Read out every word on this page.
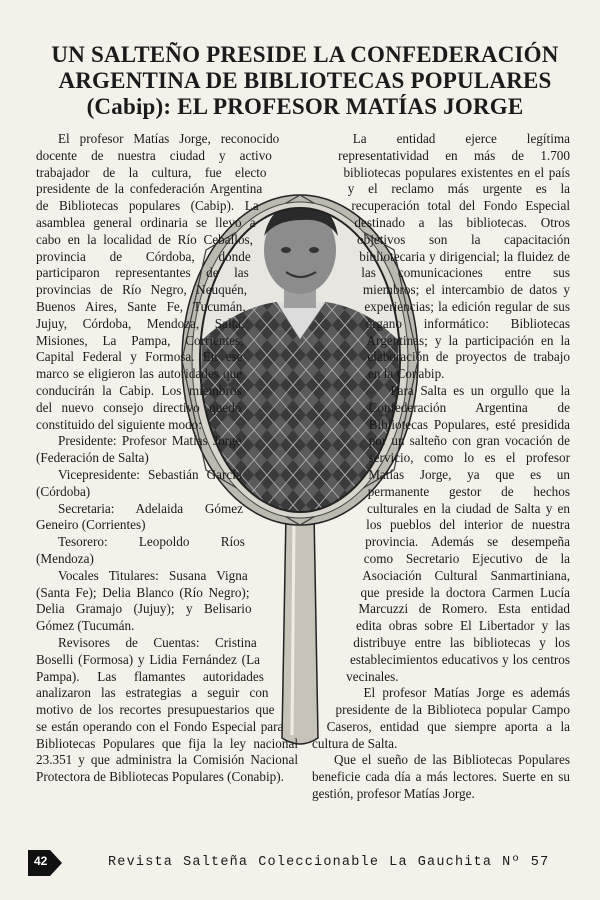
UN SALTEÑO PRESIDE LA CONFEDERACIÓN
ARGENTINA DE BIBLIOTECAS POPULARES
(Cabip): EL PROFESOR MATÍAS JORGE

El profesor Matías Jorge, reconocido docente de nuestra ciudad y activo trabajador de la cultura, fue electo presidente de la confederación Argentina de Bibliotecas populares (Cabip). La asamblea general ordinaria se llevó a cabo en la localidad de Río Ceballos, provincia de Córdoba, donde participaron representantes de las provincias de Río Negro, Neuquén, Buenos Aires, Sante Fe, Tucumán, Jujuy, Córdoba, Mendoza, Salta, Misiones, La Pampa, Corrientes, Capital Federal y Formosa. En ese marco se eligieron las autoridades que conducirán la Cabip. Los miembros del nuevo consejo directivo quedó constituido del siguiente modo:

Presidente: Profesor Matías Jorge (Federación de Salta)

Vicepresidente: Sebastián García (Córdoba)

Secretaria: Adelaida Gómez Geneiro (Corrientes)

Tesorero: Leopoldo Ríos (Mendoza)

Vocales Titulares: Susana Vigna (Santa Fe); Delia Blanco (Río Negro); Delia Gramajo (Jujuy); y Belisario Gómez (Tucumán.

Revisores de Cuentas: Cristina Boselli (Formosa) y Lidia Fernández (La Pampa). Las flamantes autoridades analizaron las estrategias a seguir con motivo de los recortes presupuestarios que se están operando con el Fondo Especial para Bibliotecas Populares que fija la ley nacional 23.351 y que administra la Comisión Nacional Protectora de Bibliotecas Populares (Conabip).

La entidad ejerce legítima representatividad en más de 1.700 bibliotecas populares existentes en el país y el reclamo más urgente es la recuperación total del Fondo Especial destinado a las bibliotecas. Otros objetivos son la capacitación bibliotecaria y dirigencial; la fluidez de las comunicaciones entre sus miembros; el intercambio de datos y experiencias; la edición regular de sus órgano informático: Bibliotecas Argentinas; y la participación en la elaboración de proyectos de trabajo en la Conabip.

Para Salta es un orgullo que la Confederación Argentina de Bibliotecas Populares, esté presidida por un salteño con gran vocación de servicio, como lo es el profesor Matías Jorge, ya que es un permanente gestor de hechos culturales en la ciudad de Salta y en los pueblos del interior de nuestra provincia. Además se desempeña como Secretario Ejecutivo de la Asociación Cultural Sanmartiniana, que preside la doctora Carmen Lucía Marcuzzi de Romero. Esta entidad edita obras sobre El Libertador y las distribuye entre las bibliotecas y los establecimientos educativos y los centros vecinales.

El profesor Matías Jorge es además presidente de la Biblioteca popular Campo Caseros, entidad que siempre aporta a la cultura de Salta.

Que el sueño de las Bibliotecas Populares beneficie cada día a más lectores. Suerte en su gestión, profesor Matías Jorge.

42	Revista Salteña Coleccionable La Gauchita Nº 57
